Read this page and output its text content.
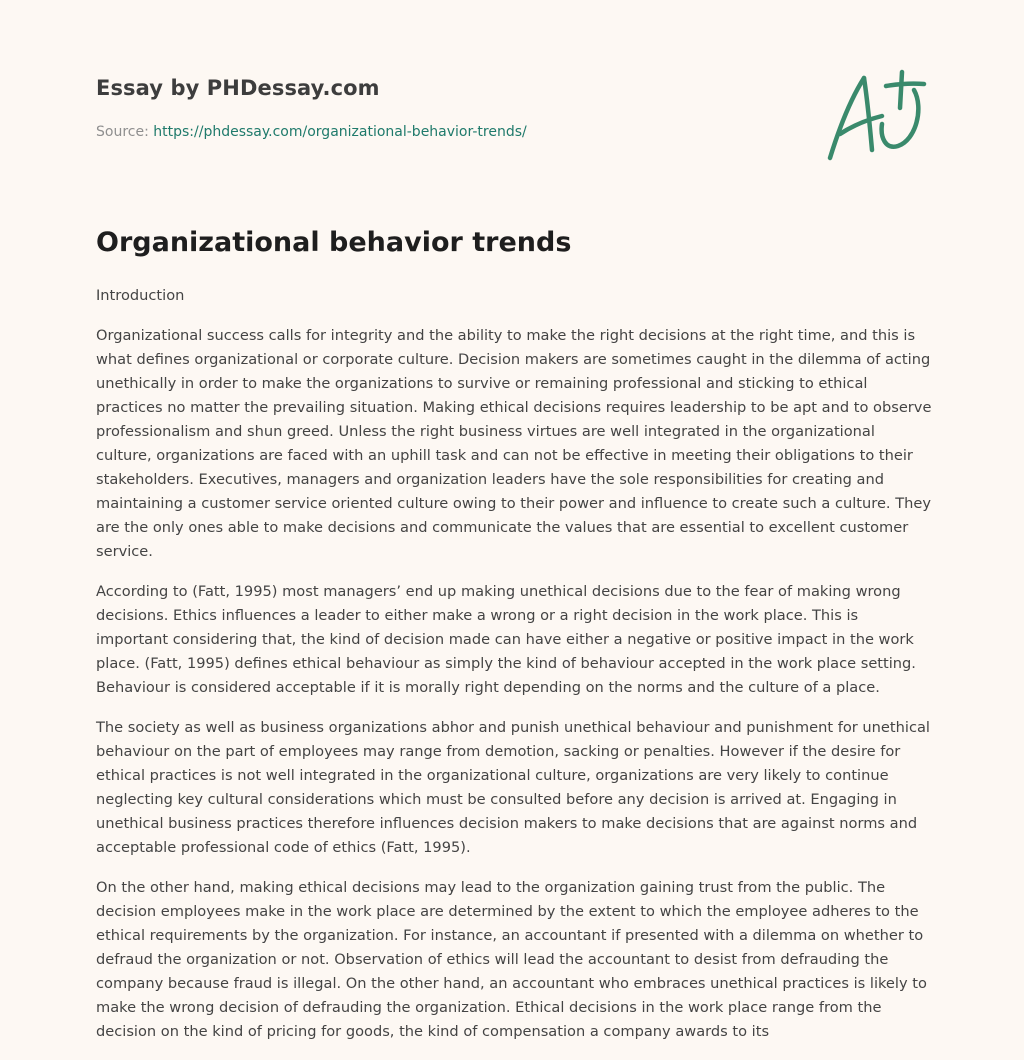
Essay by PHDessay.com
Source: https://phdessay.com/organizational-behavior-trends/
Organizational behavior trends

Introduction

Organizational success calls for integrity and the ability to make the right decisions at the right time, and this is what defines organizational or corporate culture. Decision makers are sometimes caught in the dilemma of acting unethically in order to make the organizations to survive or remaining professional and sticking to ethical practices no matter the prevailing situation. Making ethical decisions requires leadership to be apt and to observe professionalism and shun greed. Unless the right business virtues are well integrated in the organizational culture, organizations are faced with an uphill task and can not be effective in meeting their obligations to their stakeholders. Executives, managers and organization leaders have the sole responsibilities for creating and maintaining a customer service oriented culture owing to their power and influence to create such a culture. They are the only ones able to make decisions and communicate the values that are essential to excellent customer service.

According to (Fatt, 1995) most managers’ end up making unethical decisions due to the fear of making wrong decisions. Ethics influences a leader to either make a wrong or a right decision in the work place. This is important considering that, the kind of decision made can have either a negative or positive impact in the work place. (Fatt, 1995) defines ethical behaviour as simply the kind of behaviour accepted in the work place setting. Behaviour is considered acceptable if it is morally right depending on the norms and the culture of a place.

The society as well as business organizations abhor and punish unethical behaviour and punishment for unethical behaviour on the part of employees may range from demotion, sacking or penalties. However if the desire for ethical practices is not well integrated in the organizational culture, organizations are very likely to continue neglecting key cultural considerations which must be consulted before any decision is arrived at. Engaging in unethical business practices therefore influences decision makers to make decisions that are against norms and acceptable professional code of ethics (Fatt, 1995).

On the other hand, making ethical decisions may lead to the organization gaining trust from the public. The decision employees make in the work place are determined by the extent to which the employee adheres to the ethical requirements by the organization. For instance, an accountant if presented with a dilemma on whether to defraud the organization or not. Observation of ethics will lead the accountant to desist from defrauding the company because fraud is illegal. On the other hand, an accountant who embraces unethical practices is likely to make the wrong decision of defrauding the organization. Ethical decisions in the work place range from the decision on the kind of pricing for goods, the kind of compensation a company awards to its
